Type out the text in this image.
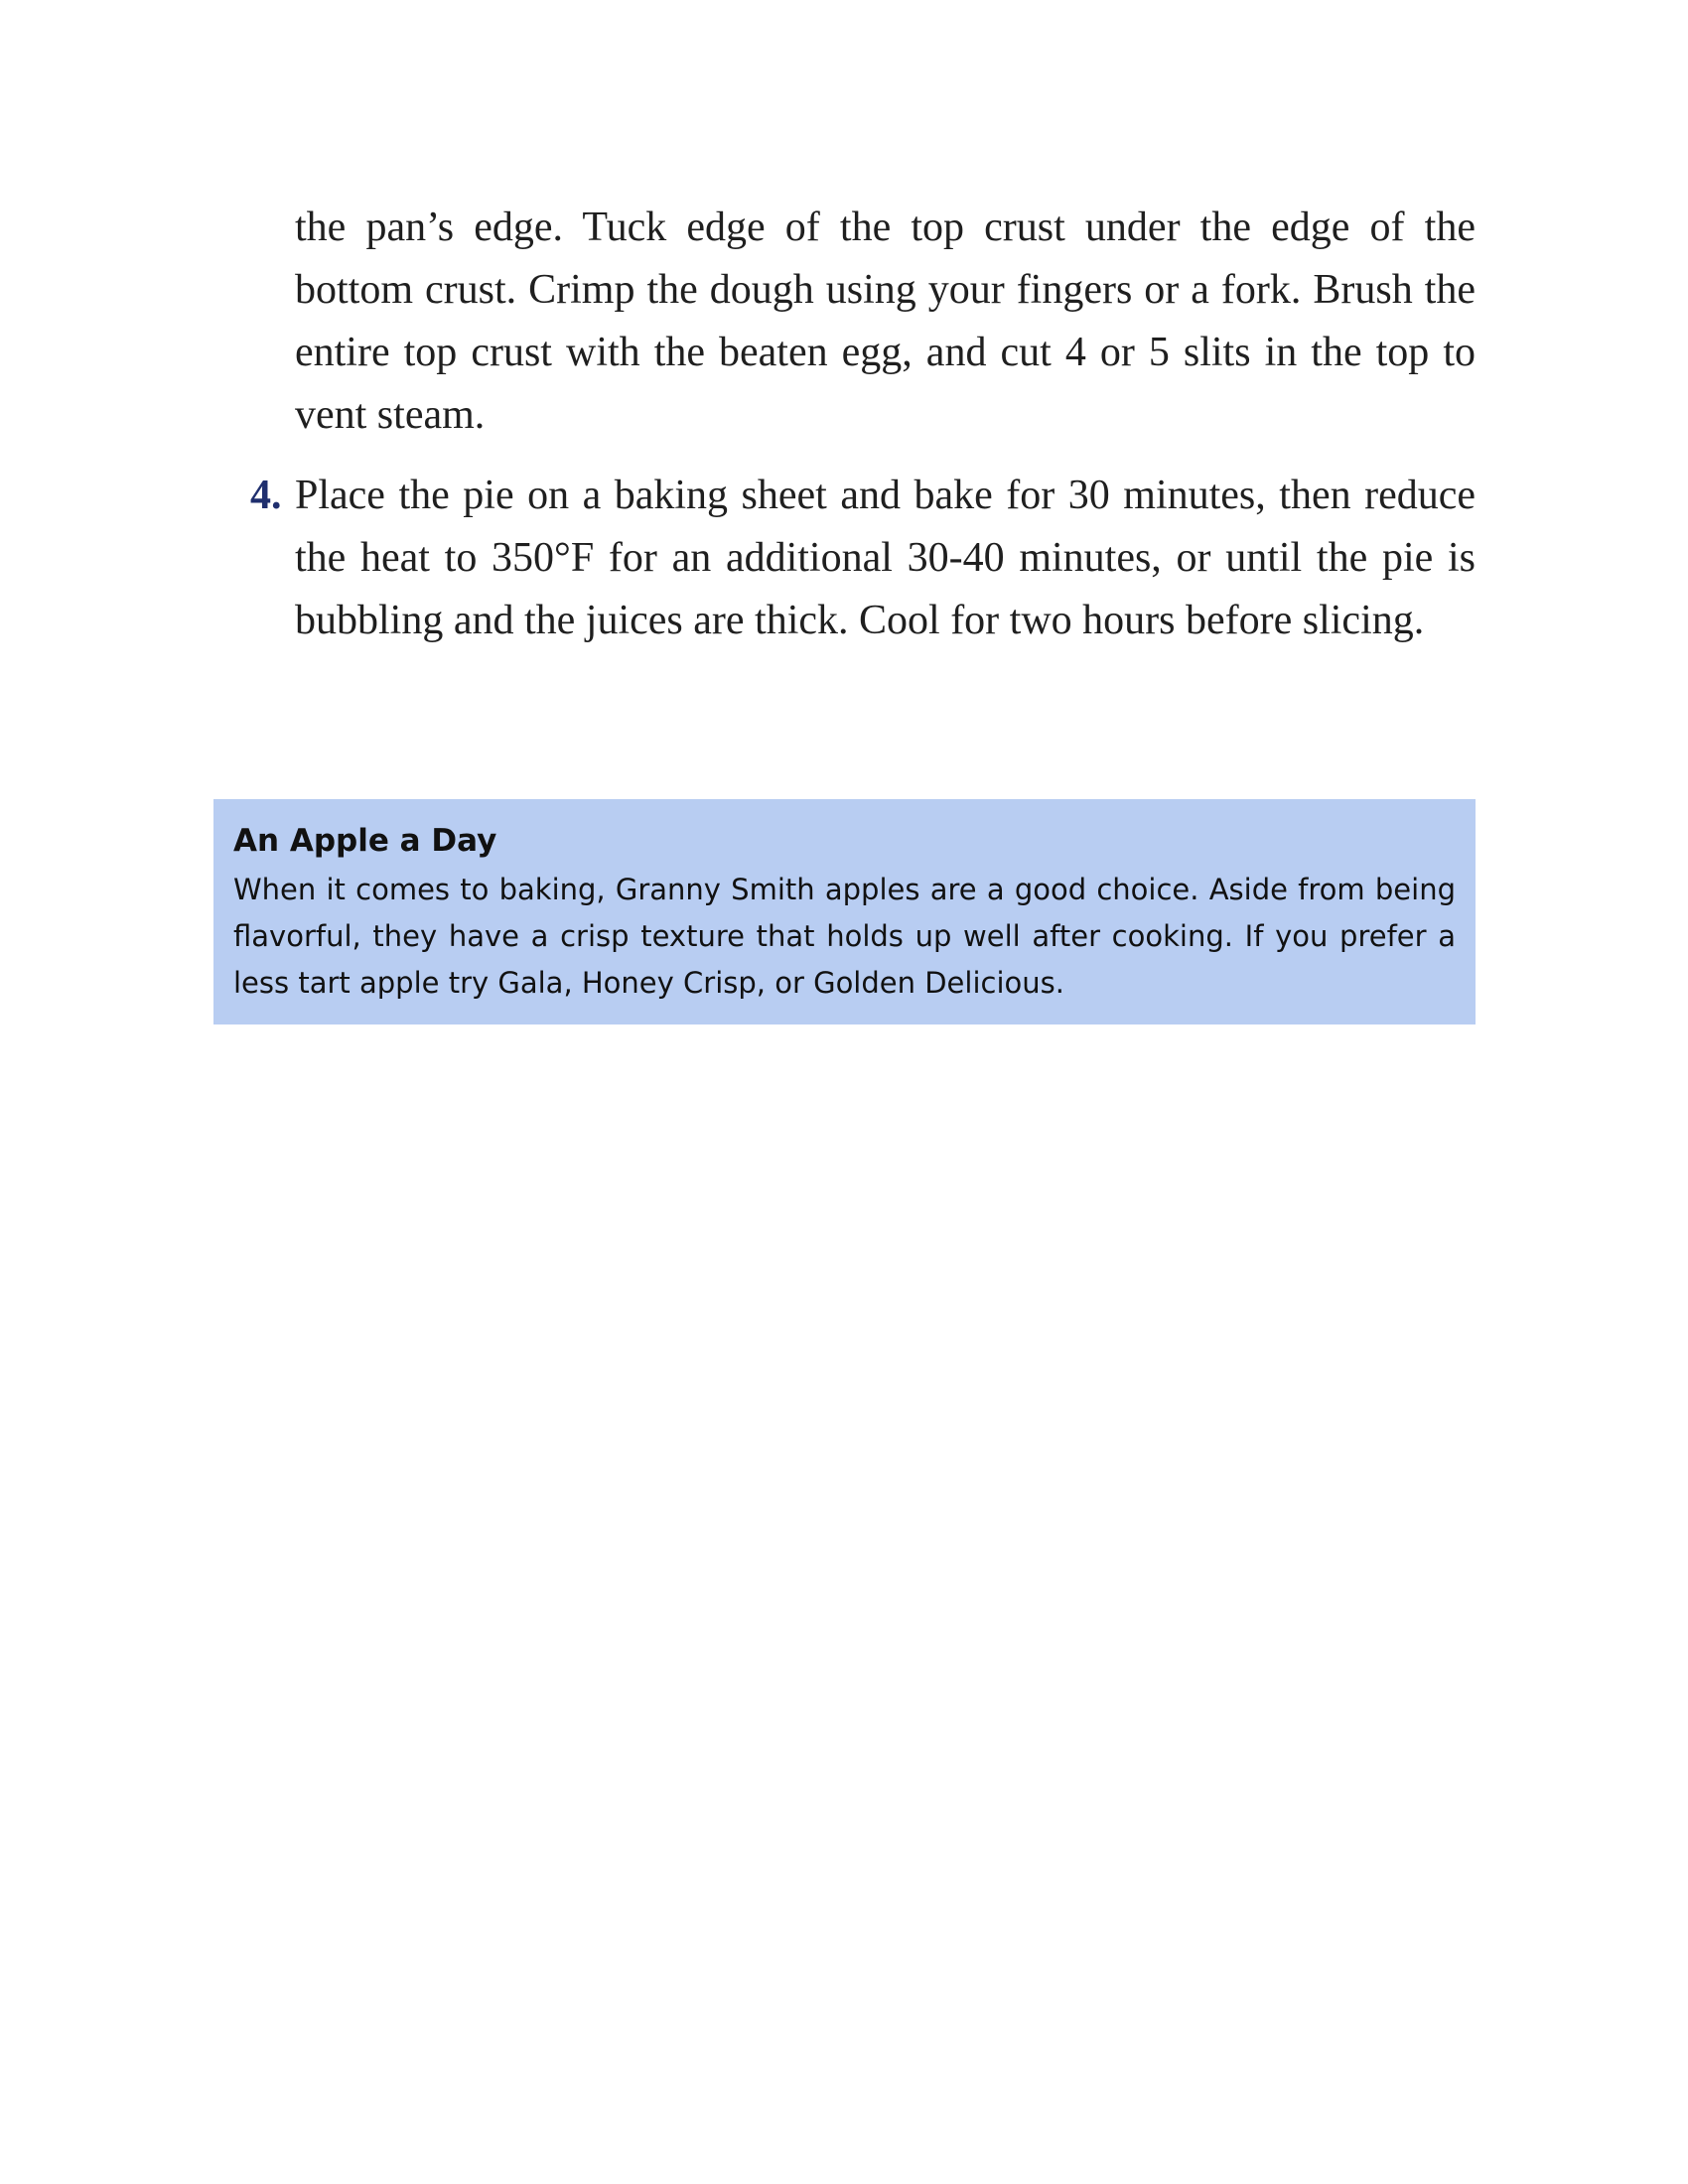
the pan’s edge. Tuck edge of the top crust under the edge of the bottom crust. Crimp the dough using your fingers or a fork. Brush the entire top crust with the beaten egg, and cut 4 or 5 slits in the top to vent steam.
4. Place the pie on a baking sheet and bake for 30 minutes, then reduce the heat to 350°F for an additional 30-40 minutes, or until the pie is bubbling and the juices are thick. Cool for two hours before slicing.

An Apple a Day

When it comes to baking, Granny Smith apples are a good choice. Aside from being flavorful, they have a crisp texture that holds up well after cooking. If you prefer a less tart apple try Gala, Honey Crisp, or Golden Delicious.
